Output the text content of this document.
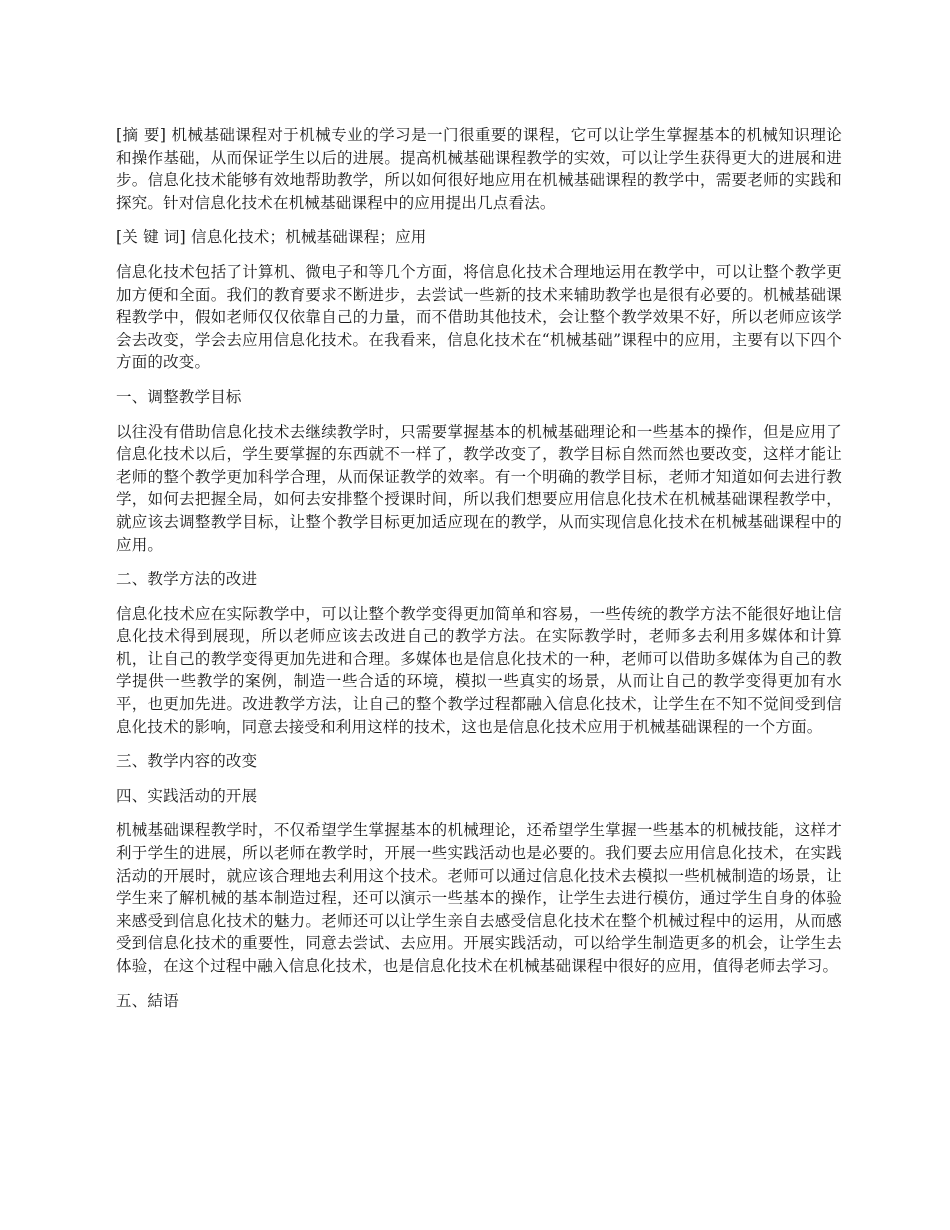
[摘 要] 机械基础课程对于机械专业的学习是一门很重要的课程，它可以让学生掌握基本的机械知识理论和操作基础，从而保证学生以后的进展。提高机械基础课程教学的实效，可以让学生获得更大的进展和进步。信息化技术能够有效地帮助教学，所以如何很好地应用在机械基础课程的教学中，需要老师的实践和探究。针对信息化技术在机械基础课程中的应用提出几点看法。

[关 键 词] 信息化技术；机械基础课程；应用

信息化技术包括了计算机、微电子和等几个方面，将信息化技术合理地运用在教学中，可以让整个教学更加方便和全面。我们的教育要求不断进步，去尝试一些新的技术来辅助教学也是很有必要的。机械基础课程教学中，假如老师仅仅依靠自己的力量，而不借助其他技术，会让整个教学效果不好，所以老师应该学会去改变，学会去应用信息化技术。在我看来，信息化技术在“机械基础”课程中的应用，主要有以下四个方面的改变。

一、调整教学目标

以往没有借助信息化技术去继续教学时，只需要掌握基本的机械基础理论和一些基本的操作，但是应用了信息化技术以后，学生要掌握的东西就不一样了，教学改变了，教学目标自然而然也要改变，这样才能让老师的整个教学更加科学合理，从而保证教学的效率。有一个明确的教学目标，老师才知道如何去进行教学，如何去把握全局，如何去安排整个授课时间，所以我们想要应用信息化技术在机械基础课程教学中，就应该去调整教学目标，让整个教学目标更加适应现在的教学，从而实现信息化技术在机械基础课程中的应用。

二、教学方法的改进

信息化技术应在实际教学中，可以让整个教学变得更加简单和容易，一些传统的教学方法不能很好地让信息化技术得到展现，所以老师应该去改进自己的教学方法。在实际教学时，老师多去利用多媒体和计算机，让自己的教学变得更加先进和合理。多媒体也是信息化技术的一种，老师可以借助多媒体为自己的教学提供一些教学的案例，制造一些合适的环境，模拟一些真实的场景，从而让自己的教学变得更加有水平，也更加先进。改进教学方法，让自己的整个教学过程都融入信息化技术，让学生在不知不觉间受到信息化技术的影响，同意去接受和利用这样的技术，这也是信息化技术应用于机械基础课程的一个方面。

三、教学内容的改变

四、实践活动的开展

机械基础课程教学时，不仅希望学生掌握基本的机械理论，还希望学生掌握一些基本的机械技能，这样才利于学生的进展，所以老师在教学时，开展一些实践活动也是必要的。我们要去应用信息化技术，在实践活动的开展时，就应该合理地去利用这个技术。老师可以通过信息化技术去模拟一些机械制造的场景，让学生来了解机械的基本制造过程，还可以演示一些基本的操作，让学生去进行模仿，通过学生自身的体验来感受到信息化技术的魅力。老师还可以让学生亲自去感受信息化技术在整个机械过程中的运用，从而感受到信息化技术的重要性，同意去尝试、去应用。开展实践活动，可以给学生制造更多的机会，让学生去体验，在这个过程中融入信息化技术，也是信息化技术在机械基础课程中很好的应用，值得老师去学习。

五、結语
